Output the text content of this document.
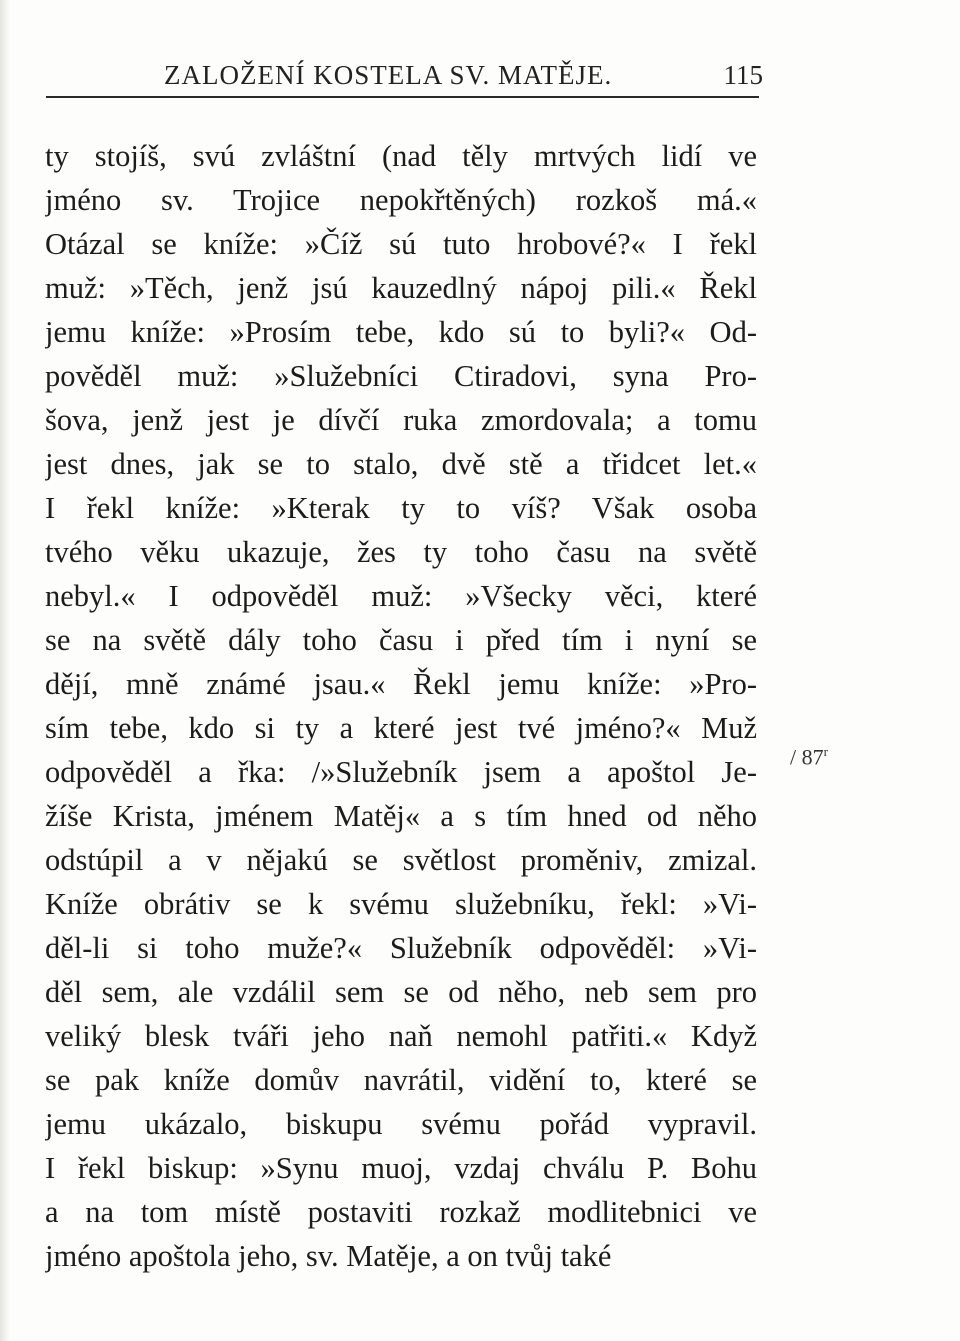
ZALOŽENÍ KOSTELA SV. MATĚJE.	115
ty stojíš, svú zvláštní (nad těly mrtvých lidí ve
jméno sv. Trojice nepokřtěných) rozkoš má.«
Otázal se kníže: »Číž sú tuto hrobové?« I řekl
muž: »Těch, jenž jsú kauzedlný nápoj pili.« Řekl
jemu kníže: »Prosím tebe, kdo sú to byli?« Od-
pověděl muž: »Služebníci Ctiradovi, syna Pro-
šova, jenž jest je dívčí ruka zmordovala; a tomu
jest dnes, jak se to stalo, dvě stě a třidcet let.«
I řekl kníže: »Kterak ty to víš? Však osoba
tvého věku ukazuje, žes ty toho času na světě
nebyl.« I odpověděl muž: »Všecky věci, které
se na světě dály toho času i před tím i nyní se
dějí, mně známé jsau.« Řekl jemu kníže: »Pro-
sím tebe, kdo si ty a které jest tvé jméno?« Muž
odpověděl a řka: /»Služebník jsem a apoštol Je-
žíše Krista, jménem Matěj« a s tím hned od něho
odstúpil a v nějakú se světlost proměniv, zmizal.
Kníže obrátiv se k svému služebníku, řekl: »Vi-
děl-li si toho muže?« Služebník odpověděl: »Vi-
děl sem, ale vzdálil sem se od něho, neb sem pro
veliký blesk tváři jeho naň nemohl patřiti.« Když
se pak kníže domův navrátil, vidění to, které se
jemu ukázalo, biskupu svému pořád vypravil.
I řekl biskup: »Synu muoj, vzdaj chválu P. Bohu
a na tom místě postaviti rozkaž modlitebnici ve
jméno apoštola jeho, sv. Matěje, a on tvůj také
/ 87$^r$
